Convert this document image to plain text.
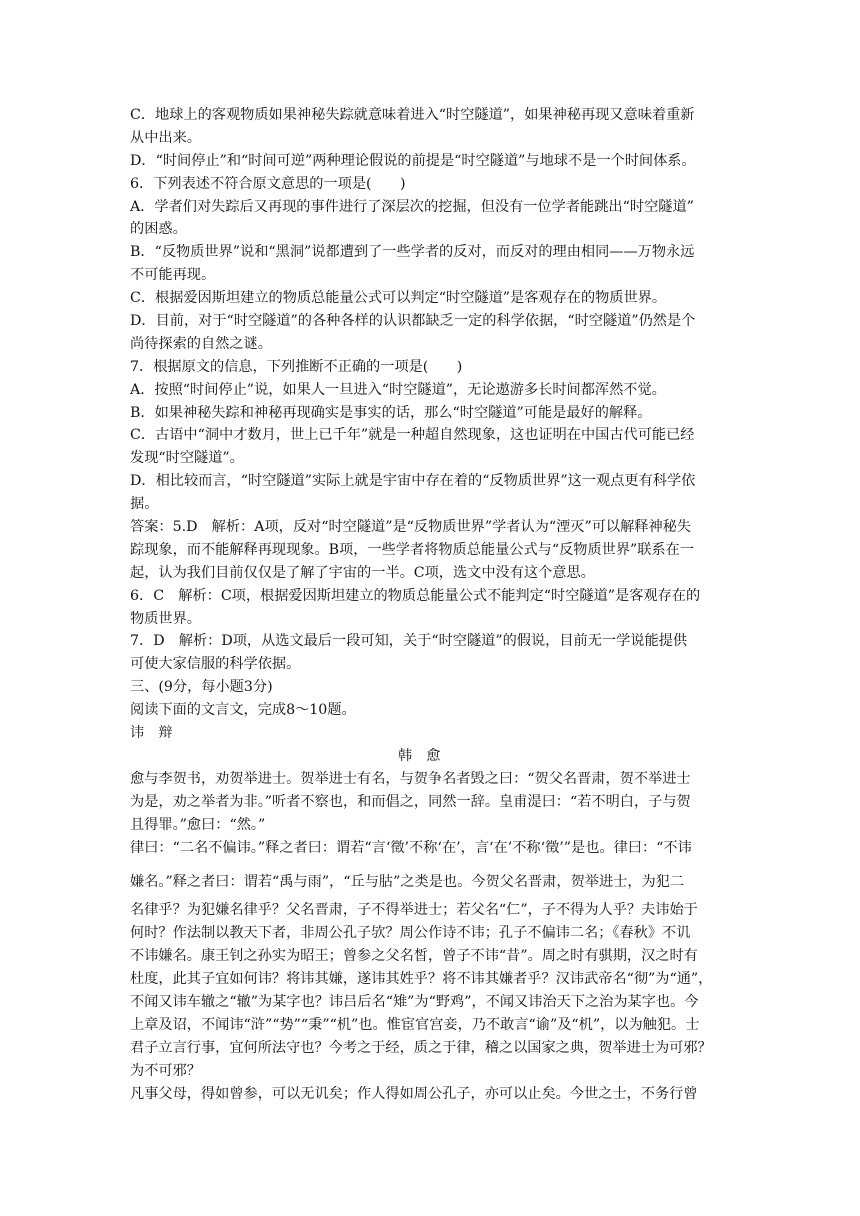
C．地球上的客观物质如果神秘失踪就意味着进入“时空隧道”，如果神秘再现又意味着重新
从中出来。
D．“时间停止”和“时间可逆”两种理论假说的前提是“时空隧道”与地球不是一个时间体系。
6．下列表述不符合原文意思的一项是(　　)
A．学者们对失踪后又再现的事件进行了深层次的挖掘，但没有一位学者能跳出“时空隧道”
的困惑。
B．“反物质世界”说和“黑洞”说都遭到了一些学者的反对，而反对的理由相同——万物永远
不可能再现。
C．根据爱因斯坦建立的物质总能量公式可以判定“时空隧道”是客观存在的物质世界。
D．目前，对于“时空隧道”的各种各样的认识都缺乏一定的科学依据，“时空隧道”仍然是个
尚待探索的自然之谜。
7．根据原文的信息，下列推断不正确的一项是(　　)
A．按照“时间停止”说，如果人一旦进入“时空隧道”，无论遨游多长时间都浑然不觉。
B．如果神秘失踪和神秘再现确实是事实的话，那么“时空隧道”可能是最好的解释。
C．古语中“洞中才数月，世上已千年”就是一种超自然现象，这也证明在中国古代可能已经
发现“时空隧道”。
D．相比较而言，“时空隧道”实际上就是宇宙中存在着的“反物质世界”这一观点更有科学依
据。
答案：5.D　解析：A项，反对“时空隧道”是“反物质世界”学者认为“湮灭”可以解释神秘失
踪现象，而不能解释再现现象。B项，一些学者将物质总能量公式与“反物质世界”联系在一
起，认为我们目前仅仅是了解了宇宙的一半。C项，选文中没有这个意思。
6．C　解析：C项，根据爱因斯坦建立的物质总能量公式不能判定“时空隧道”是客观存在的
物质世界。
7．D　解析：D项，从选文最后一段可知，关于“时空隧道”的假说，目前无一学说能提供
可使大家信服的科学依据。
三、(9分，每小题3分)
阅读下面的文言文，完成8～10题。
讳　辩
韩愈
愈与李贺书，劝贺举进士。贺举进士有名，与贺争名者毁之曰：“贺父名晋肃，贺不举进士
为是，劝之举者为非。”听者不察也，和而倡之，同然一辞。皇甫湜曰：“若不明白，子与贺
且得罪。”愈曰：“然。”
律曰：“二名不偏讳。”释之者曰：谓若“言‘徵’不称‘在’，言‘在’不称‘徵’”是也。律曰：“不讳
嫌名。”释之者曰：谓若“禹与雨”，“丘与𦙶”之类是也。今贺父名晋肃，贺举进士，为犯二
名律乎？为犯嫌名律乎？父名晋肃，子不得举进士；若父名“仁”，子不得为人乎？夫讳始于
何时？作法制以教天下者，非周公孔子欤？周公作诗不讳；孔子不偏讳二名；《春秋》不讥
不讳嫌名。康王钊之孙实为昭王；曾参之父名皙，曾子不讳“昔”。周之时有骐期，汉之时有
杜度，此其子宜如何讳？将讳其嫌，遂讳其姓乎？将不讳其嫌者乎？汉讳武帝名“彻”为“通”，
不闻又讳车辙之“辙”为某字也？讳吕后名“雉”为“野鸡”，不闻又讳治天下之治为某字也。今
上章及诏，不闻讳“浒”“势”“秉”“机”也。惟宦官宫妾，乃不敢言“谕”及“机”，以为触犯。士
君子立言行事，宜何所法守也？今考之于经，质之于律，稽之以国家之典，贺举进士为可邪？
为不可邪？
凡事父母，得如曾参，可以无讥矣；作人得如周公孔子，亦可以止矣。今世之士，不务行曾
